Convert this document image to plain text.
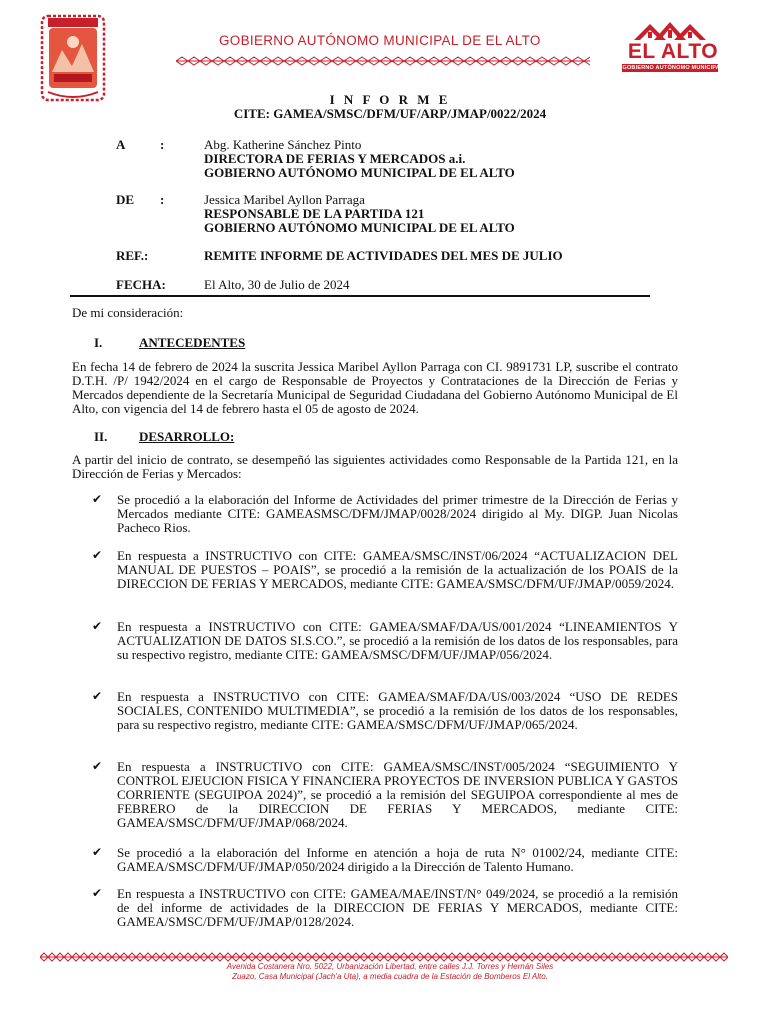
CIUDAD DE EL ALTO
GOBIERNO AUTÓNOMO MUNICIPAL DE EL ALTO	EL ALTO
GOBIERNO AUTÓNOMO MUNICIPAL
I N F O R M E
CITE: GAMEA/SMSC/DFM/UF/ARP/JMAP/0022/2024
A	:	Abg. Katherine Sánchez Pinto
DIRECTORA DE FERIAS Y MERCADOS a.i.
GOBIERNO AUTÓNOMO MUNICIPAL DE EL ALTO
DE :	Jessica Maribel Ayllon Parraga
RESPONSABLE DE LA PARTIDA 121
GOBIERNO AUTÓNOMO MUNICIPAL DE EL ALTO
REF.:	REMITE INFORME DE ACTIVIDADES DEL MES DE JULIO
FECHA:	El Alto, 30 de Julio de 2024
De mi consideración:
I.	ANTECEDENTES
En fecha 14 de febrero de 2024 la suscrita Jessica Maribel Ayllon Parraga con CI. 9891731 LP, suscribe el contrato D.T.H. /P/ 1942/2024 en el cargo de Responsable de Proyectos y Contrataciones de la Dirección de Ferias y Mercados dependiente de la Secretaría Municipal de Seguridad Ciudadana del Gobierno Autónomo Municipal de El Alto, con vigencia del 14 de febrero hasta el 05 de agosto de 2024.
II. DESARROLLO:
A partir del inicio de contrato, se desempeñó las siguientes actividades como Responsable de la Partida 121, en la Dirección de Ferias y Mercados:
✔ Se procedió a la elaboración del Informe de Actividades del primer trimestre de la Dirección de Ferias y Mercados mediante CITE: GAMEASMSC/DFM/JMAP/0028/2024 dirigido al My. DIGP. Juan Nicolas Pacheco Rios.
✔ En respuesta a INSTRUCTIVO con CITE: GAMEA/SMSC/INST/06/2024 “ACTUALIZACION DEL MANUAL DE PUESTOS – POAIS”, se procedió a la remisión de la actualización de los POAIS de la DIRECCION DE FERIAS Y MERCADOS, mediante CITE: GAMEA/SMSC/DFM/UF/JMAP/0059/2024.
✔ En respuesta a INSTRUCTIVO con CITE: GAMEA/SMAF/DA/US/001/2024 “LINEAMIENTOS Y ACTUALIZATION DE DATOS SI.S.CO.”, se procedió a la remisión de los datos de los responsables, para su respectivo registro, mediante CITE: GAMEA/SMSC/DFM/UF/JMAP/056/2024.
✔ En respuesta a INSTRUCTIVO con CITE: GAMEA/SMAF/DA/US/003/2024 “USO DE REDES SOCIALES, CONTENIDO MULTIMEDIA”, se procedió a la remisión de los datos de los responsables, para su respectivo registro, mediante CITE: GAMEA/SMSC/DFM/UF/JMAP/065/2024.
✔ En respuesta a INSTRUCTIVO con CITE: GAMEA/SMSC/INST/005/2024 “SEGUIMIENTO Y CONTROL EJEUCION FISICA Y FINANCIERA PROYECTOS DE INVERSION PUBLICA Y GASTOS CORRIENTE (SEGUIPOA 2024)”, se procedió a la remisión del SEGUIPOA correspondiente al mes de FEBRERO de la DIRECCION DE FERIAS Y MERCADOS, mediante CITE: GAMEA/SMSC/DFM/UF/JMAP/068/2024.
✔ Se procedió a la elaboración del Informe en atención a hoja de ruta N° 01002/24, mediante CITE: GAMEA/SMSC/DFM/UF/JMAP/050/2024 dirigido a la Dirección de Talento Humano.
✔ En respuesta a INSTRUCTIVO con CITE: GAMEA/MAE/INST/N° 049/2024, se procedió a la remisión de del informe de actividades de la DIRECCION DE FERIAS Y MERCADOS, mediante CITE: GAMEA/SMSC/DFM/UF/JMAP/0128/2024.
Avenida Costanera Nro. 5022, Urbanización Libertad, entre calles J.J. Torres y Hernán Siles
Zuazo, Casa Municipal (Jach’a Uta), a media cuadra de la Estación de Bomberos El Alto.
